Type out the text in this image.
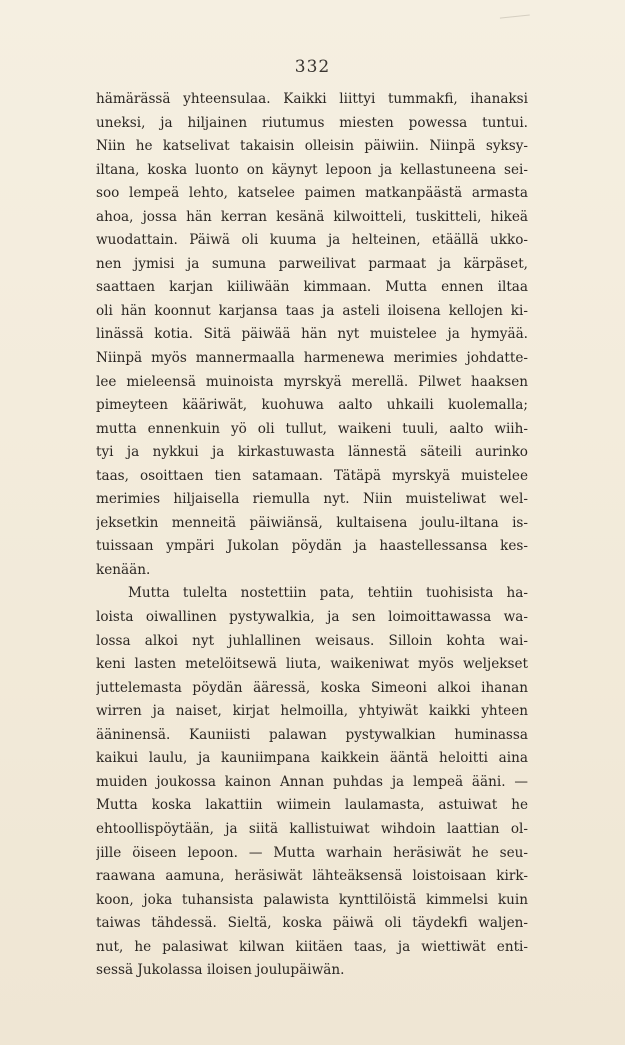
332

hämärässä yhteensulaa. Kaikki liittyi tummakfi, ihanaksi
uneksi, ja hiljainen riutumus miesten powessa tuntui.
Niin he katselivat takaisin olleisin päiwiin. Niinpä syksy-
iltana, koska luonto on käynyt lepoon ja kellastuneena sei-
soo lempeä lehto, katselee paimen matkanpäästä armasta
ahoa, jossa hän kerran kesänä kilwoitteli, tuskitteli, hikeä
wuodattain. Päiwä oli kuuma ja helteinen, etäällä ukko-
nen jymisi ja sumuna parweilivat parmaat ja kärpäset,
saattaen karjan kiiliwään kimmaan. Mutta ennen iltaa
oli hän koonnut karjansa taas ja asteli iloisena kellojen ki-
linässä kotia. Sitä päiwää hän nyt muistelee ja hymyää.
Niinpä myös mannermaalla harmenewa merimies johdatte-
lee mieleensä muinoista myrskyä merellä. Pilwet haaksen
pimeyteen kääriwät, kuohuwa aalto uhkaili kuolemalla;
mutta ennenkuin yö oli tullut, waikeni tuuli, aalto wiih-
tyi ja nykkui ja kirkastuwasta lännestä säteili aurinko
taas, osoittaen tien satamaan. Tätäpä myrskyä muistelee
merimies hiljaisella riemulla nyt. Niin muisteliwat wel-
jeksetkin menneitä päiwiänsä, kultaisena joulu-iltana is-
tuissaan ympäri Jukolan pöydän ja haastellessansa kes-
kenään.

Mutta tulelta nostettiin pata, tehtiin tuohisista ha-
loista oiwallinen pystywalkia, ja sen loimoittawassa wa-
lossa alkoi nyt juhlallinen weisaus. Silloin kohta wai-
keni lasten metelöitsewä liuta, waikeniwat myös weljekset
juttelemasta pöydän ääressä, koska Simeoni alkoi ihanan
wirren ja naiset, kirjat helmoilla, yhtyiwät kaikki yhteen
ääninensä. Kauniisti palawan pystywalkian huminassa
kaikui laulu, ja kauniimpana kaikkein ääntä heloitti aina
muiden joukossa kainon Annan puhdas ja lempeä ääni. —
Mutta koska lakattiin wiimein laulamasta, astuiwat he
ehtoollispöytään, ja siitä kallistuiwat wihdoin laattian ol-
jille öiseen lepoon. — Mutta warhain heräsiwät he seu-
raawana aamuna, heräsiwät lähteäksensä loistoisaan kirk-
koon, joka tuhansista palawista kynttilöistä kimmelsi kuin
taiwas tähdessä. Sieltä, koska päiwä oli täydekfi waljen-
nut, he palasiwat kilwan kiitäen taas, ja wiettiwät enti-
sessä Jukolassa iloisen joulupäiwän.
